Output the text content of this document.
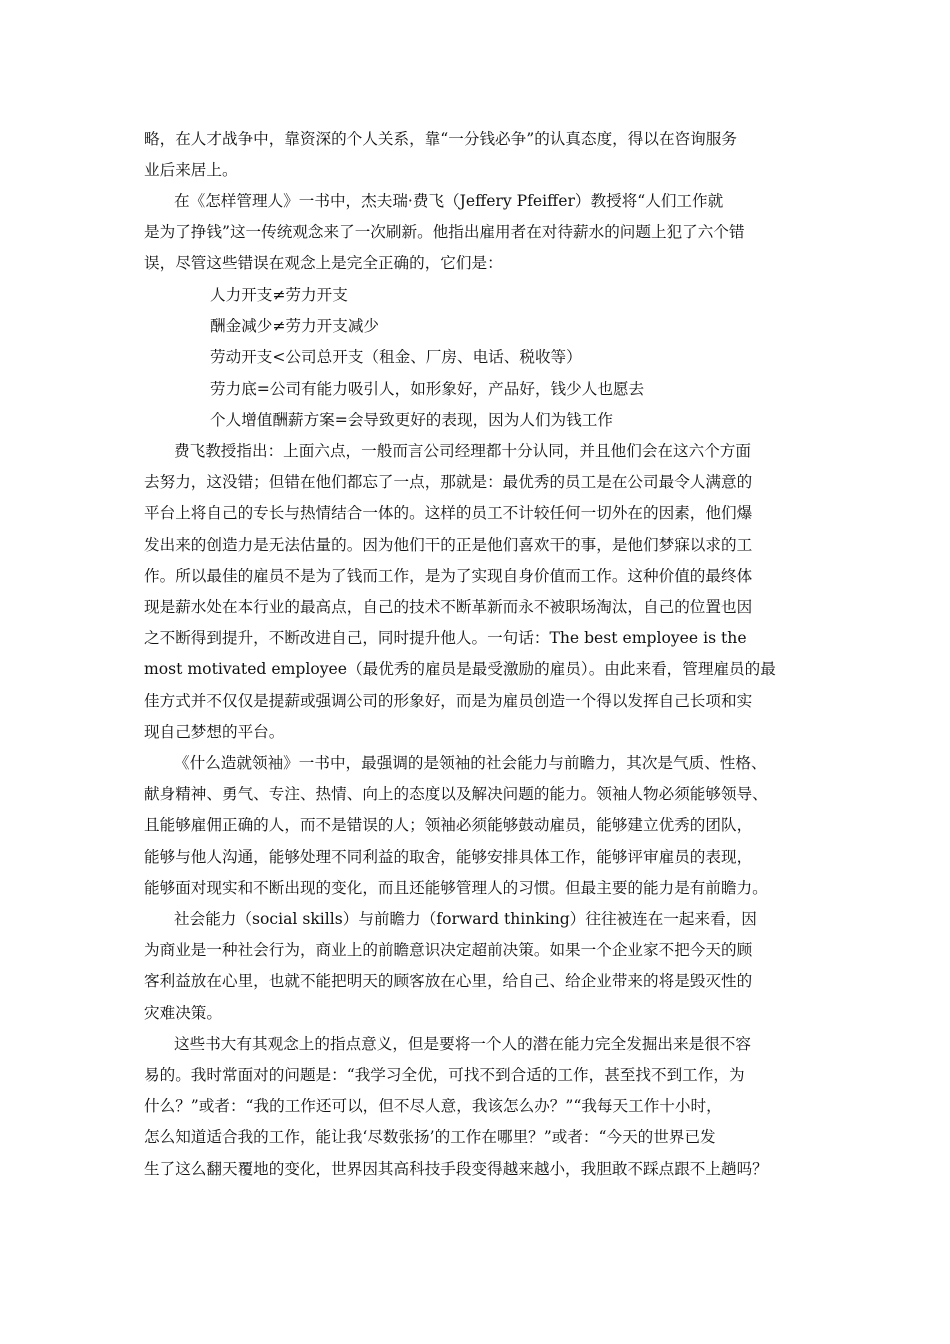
略，在人才战争中，靠资深的个人关系，靠“一分钱必争”的认真态度，得以在咨询服务

业后来居上。

在《怎样管理人》一书中，杰夫瑞·费飞（Jeffery Pfeiffer）教授将“人们工作就

是为了挣钱”这一传统观念来了一次刷新。他指出雇用者在对待薪水的问题上犯了六个错

误，尽管这些错误在观念上是完全正确的，它们是：

人力开支≠劳力开支

酬金减少≠劳力开支减少

劳动开支<公司总开支（租金、厂房、电话、税收等）

劳力底=公司有能力吸引人，如形象好，产品好，钱少人也愿去

个人增值酬薪方案=会导致更好的表现，因为人们为钱工作

费飞教授指出：上面六点，一般而言公司经理都十分认同，并且他们会在这六个方面

去努力，这没错；但错在他们都忘了一点，那就是：最优秀的员工是在公司最令人满意的

平台上将自己的专长与热情结合一体的。这样的员工不计较任何一切外在的因素，他们爆

发出来的创造力是无法估量的。因为他们干的正是他们喜欢干的事，是他们梦寐以求的工

作。所以最佳的雇员不是为了钱而工作，是为了实现自身价值而工作。这种价值的最终体

现是薪水处在本行业的最高点，自己的技术不断革新而永不被职场淘汰，自己的位置也因

之不断得到提升，不断改进自己，同时提升他人。一句话：The best employee is the

most motivated employee（最优秀的雇员是最受激励的雇员）。由此来看，管理雇员的最

佳方式并不仅仅是提薪或强调公司的形象好，而是为雇员创造一个得以发挥自己长项和实

现自己梦想的平台。

《什么造就领袖》一书中，最强调的是领袖的社会能力与前瞻力，其次是气质、性格、

献身精神、勇气、专注、热情、向上的态度以及解决问题的能力。领袖人物必须能够领导、

且能够雇佣正确的人，而不是错误的人；领袖必须能够鼓动雇员，能够建立优秀的团队，

能够与他人沟通，能够处理不同利益的取舍，能够安排具体工作，能够评审雇员的表现，

能够面对现实和不断出现的变化，而且还能够管理人的习惯。但最主要的能力是有前瞻力。

社会能力（social skills）与前瞻力（forward thinking）往往被连在一起来看，因

为商业是一种社会行为，商业上的前瞻意识决定超前决策。如果一个企业家不把今天的顾

客利益放在心里，也就不能把明天的顾客放在心里，给自己、给企业带来的将是毁灭性的

灾难决策。

这些书大有其观念上的指点意义，但是要将一个人的潜在能力完全发掘出来是很不容

易的。我时常面对的问题是：“我学习全优，可找不到合适的工作，甚至找不到工作，为

什么？”或者：“我的工作还可以，但不尽人意，我该怎么办？”“我每天工作十小时，

怎么知道适合我的工作，能让我‘尽数张扬’的工作在哪里？”或者：“今天的世界已发

生了这么翻天覆地的变化，世界因其高科技手段变得越来越小，我胆敢不踩点跟不上趟吗？
